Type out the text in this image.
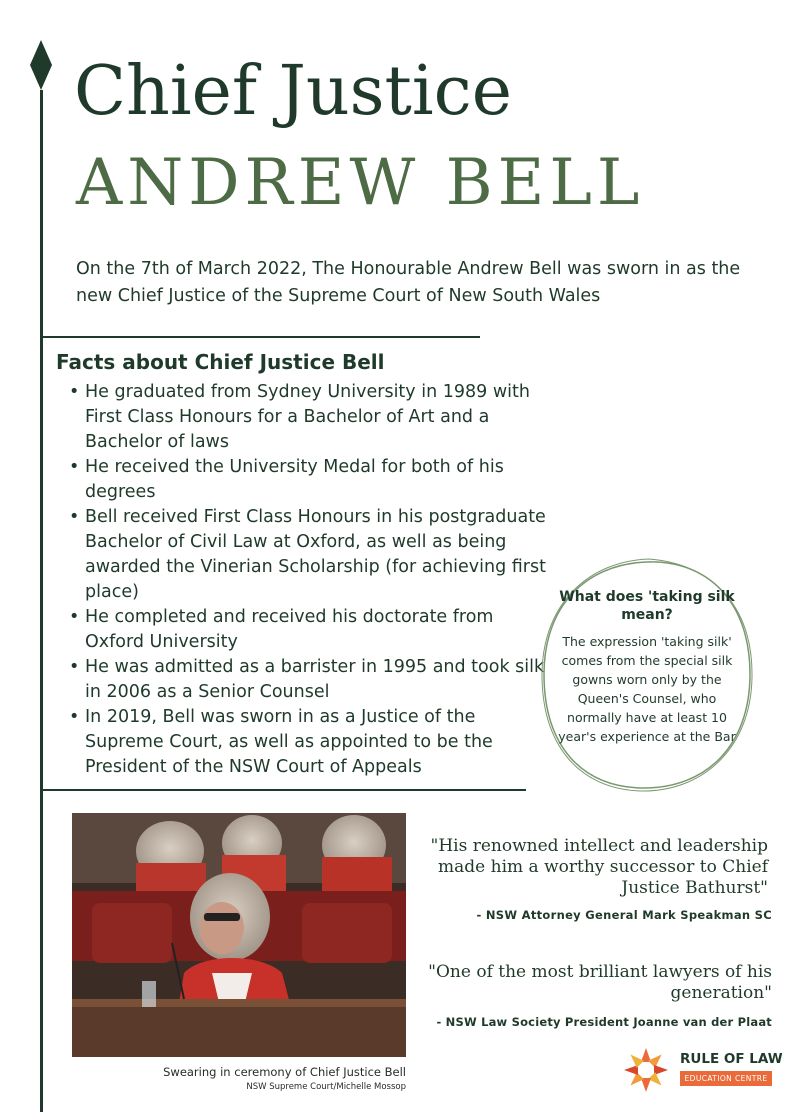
Chief Justice
ANDREW BELL

On the 7th of March 2022, The Honourable Andrew Bell was sworn in as the new Chief Justice of the Supreme Court of New South Wales

Facts about Chief Justice Bell
• He graduated from Sydney University in 1989 with First Class Honours for a Bachelor of Art and a Bachelor of laws
• He received the University Medal for both of his degrees
• Bell received First Class Honours in his postgraduate Bachelor of Civil Law at Oxford, as well as being awarded the Vinerian Scholarship (for achieving first place)
• He completed and received his doctorate from Oxford University
• He was admitted as a barrister in 1995 and took silk in 2006 as a Senior Counsel
• In 2019, Bell was sworn in as a Justice of the Supreme Court, as well as appointed to be the President of the NSW Court of Appeals

What does 'taking silk mean?

The expression 'taking silk' comes from the special silk gowns worn only by the Queen's Counsel, who normally have at least 10 year's experience at the Bar

Swearing in ceremony of Chief Justice Bell

NSW Supreme Court/Michelle Mossop

"His renowned intellect and leadership made him a worthy successor to Chief Justice Bathurst"

- NSW Attorney General Mark Speakman SC

"One of the most brilliant lawyers of his generation"

- NSW Law Society President Joanne van der Plaat

RULE OF LAW

EDUCATION CENTRE
